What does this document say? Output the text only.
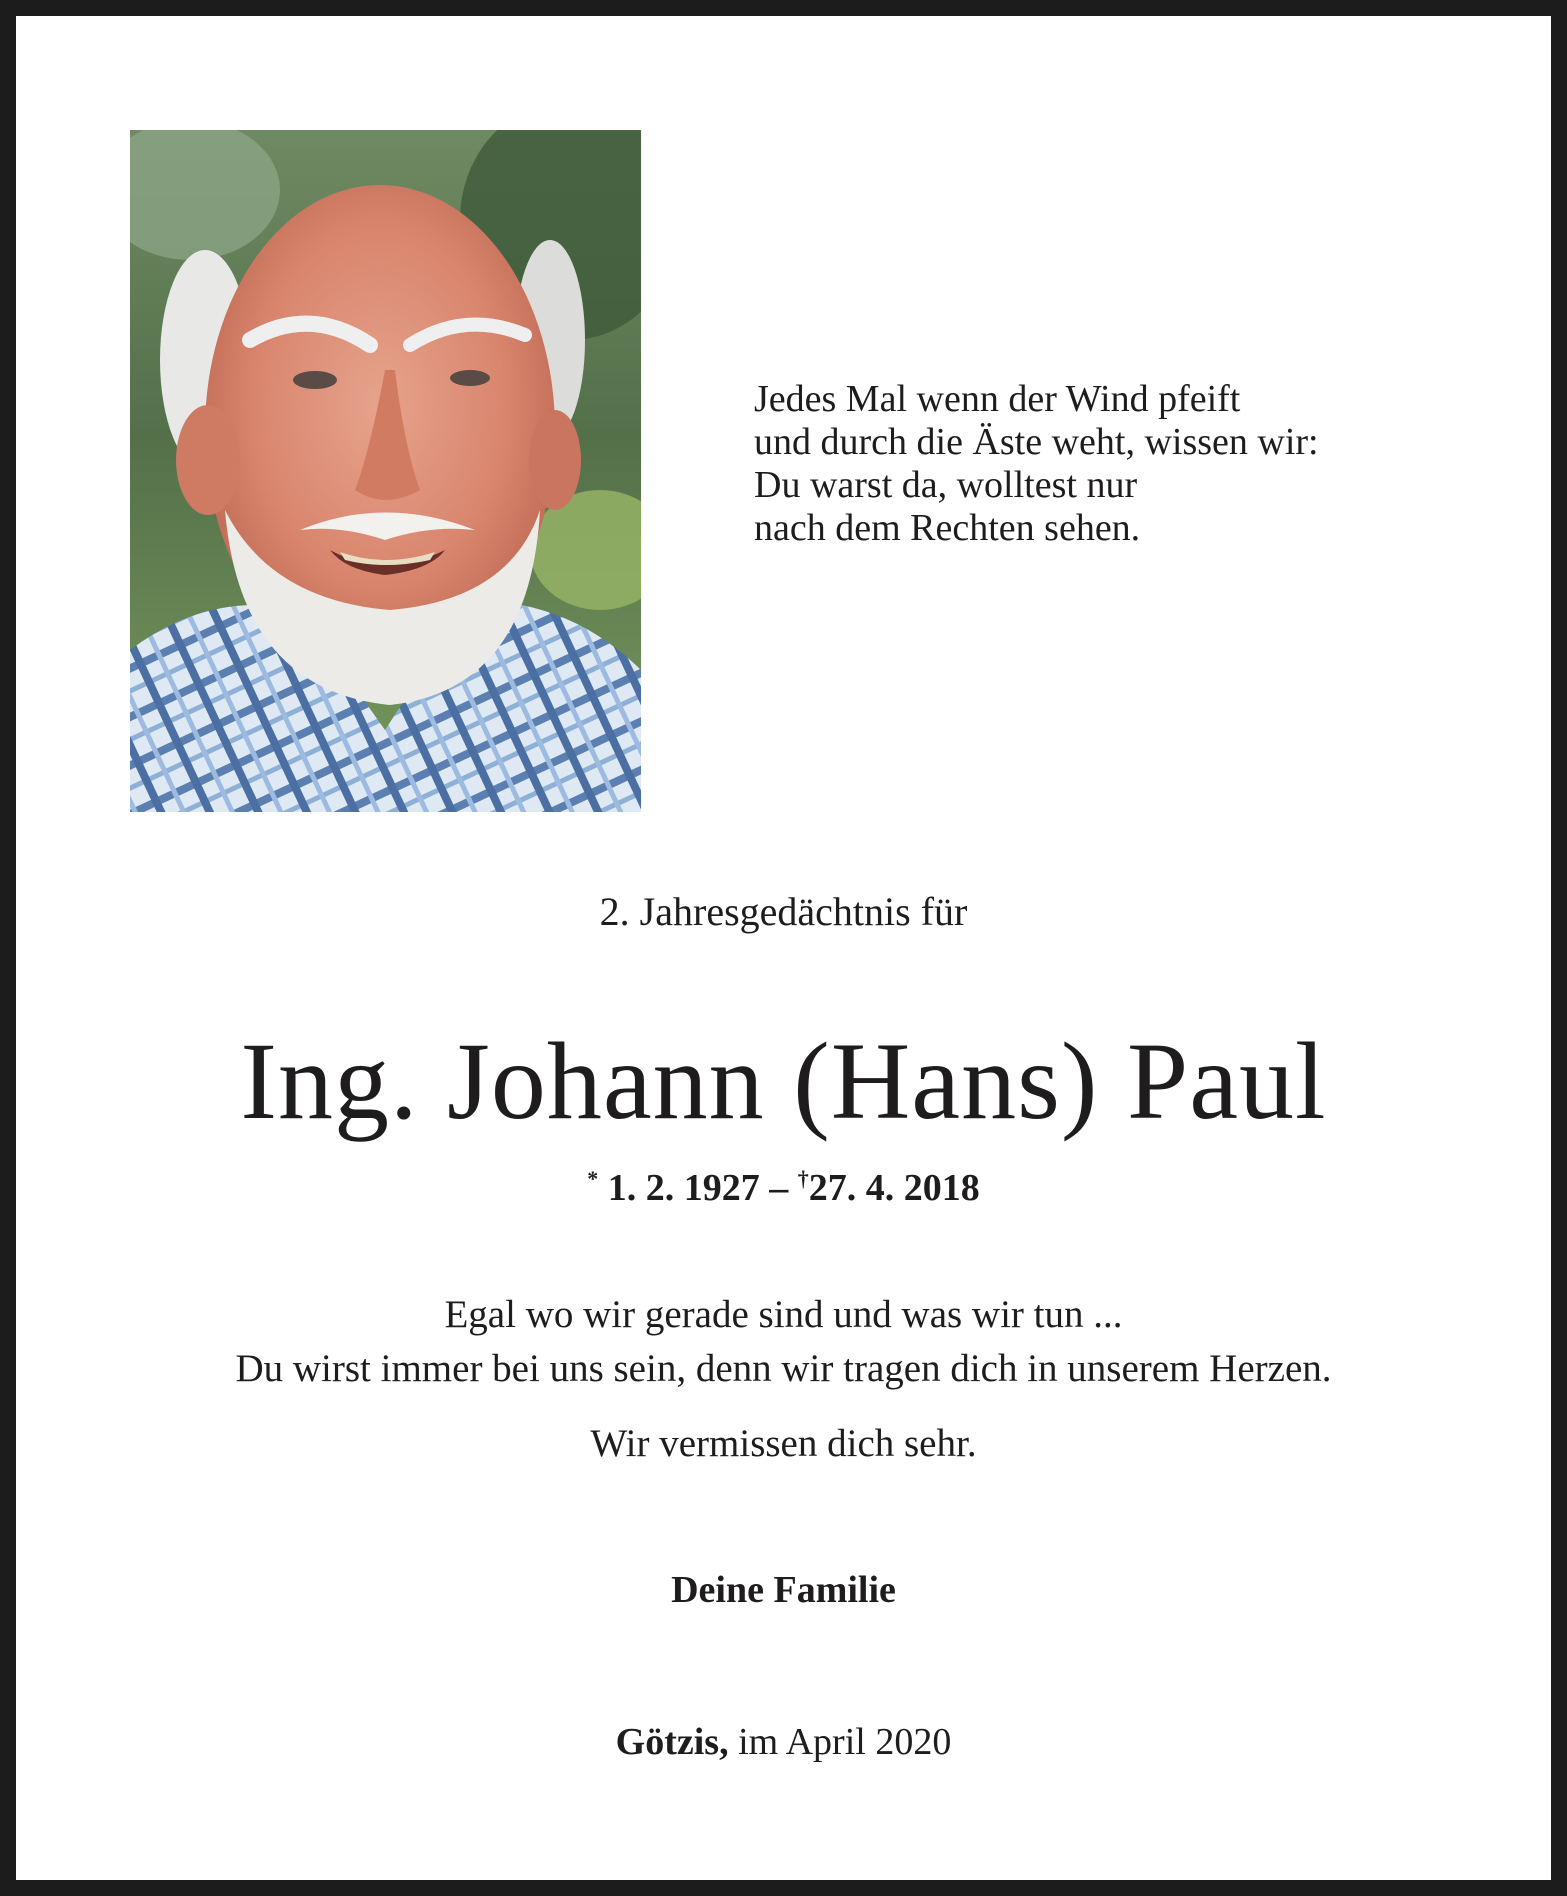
Jedes Mal wenn der Wind pfeift
und durch die Äste weht, wissen wir:
Du warst da, wolltest nur
nach dem Rechten sehen.
2. Jahresgedächtnis für
Ing. Johann (Hans) Paul
* 1. 2. 1927 – †27. 4. 2018
Egal wo wir gerade sind und was wir tun ...
Du wirst immer bei uns sein, denn wir tragen dich in unserem Herzen.
Wir vermissen dich sehr.
Deine Familie
Götzis, im April 2020
